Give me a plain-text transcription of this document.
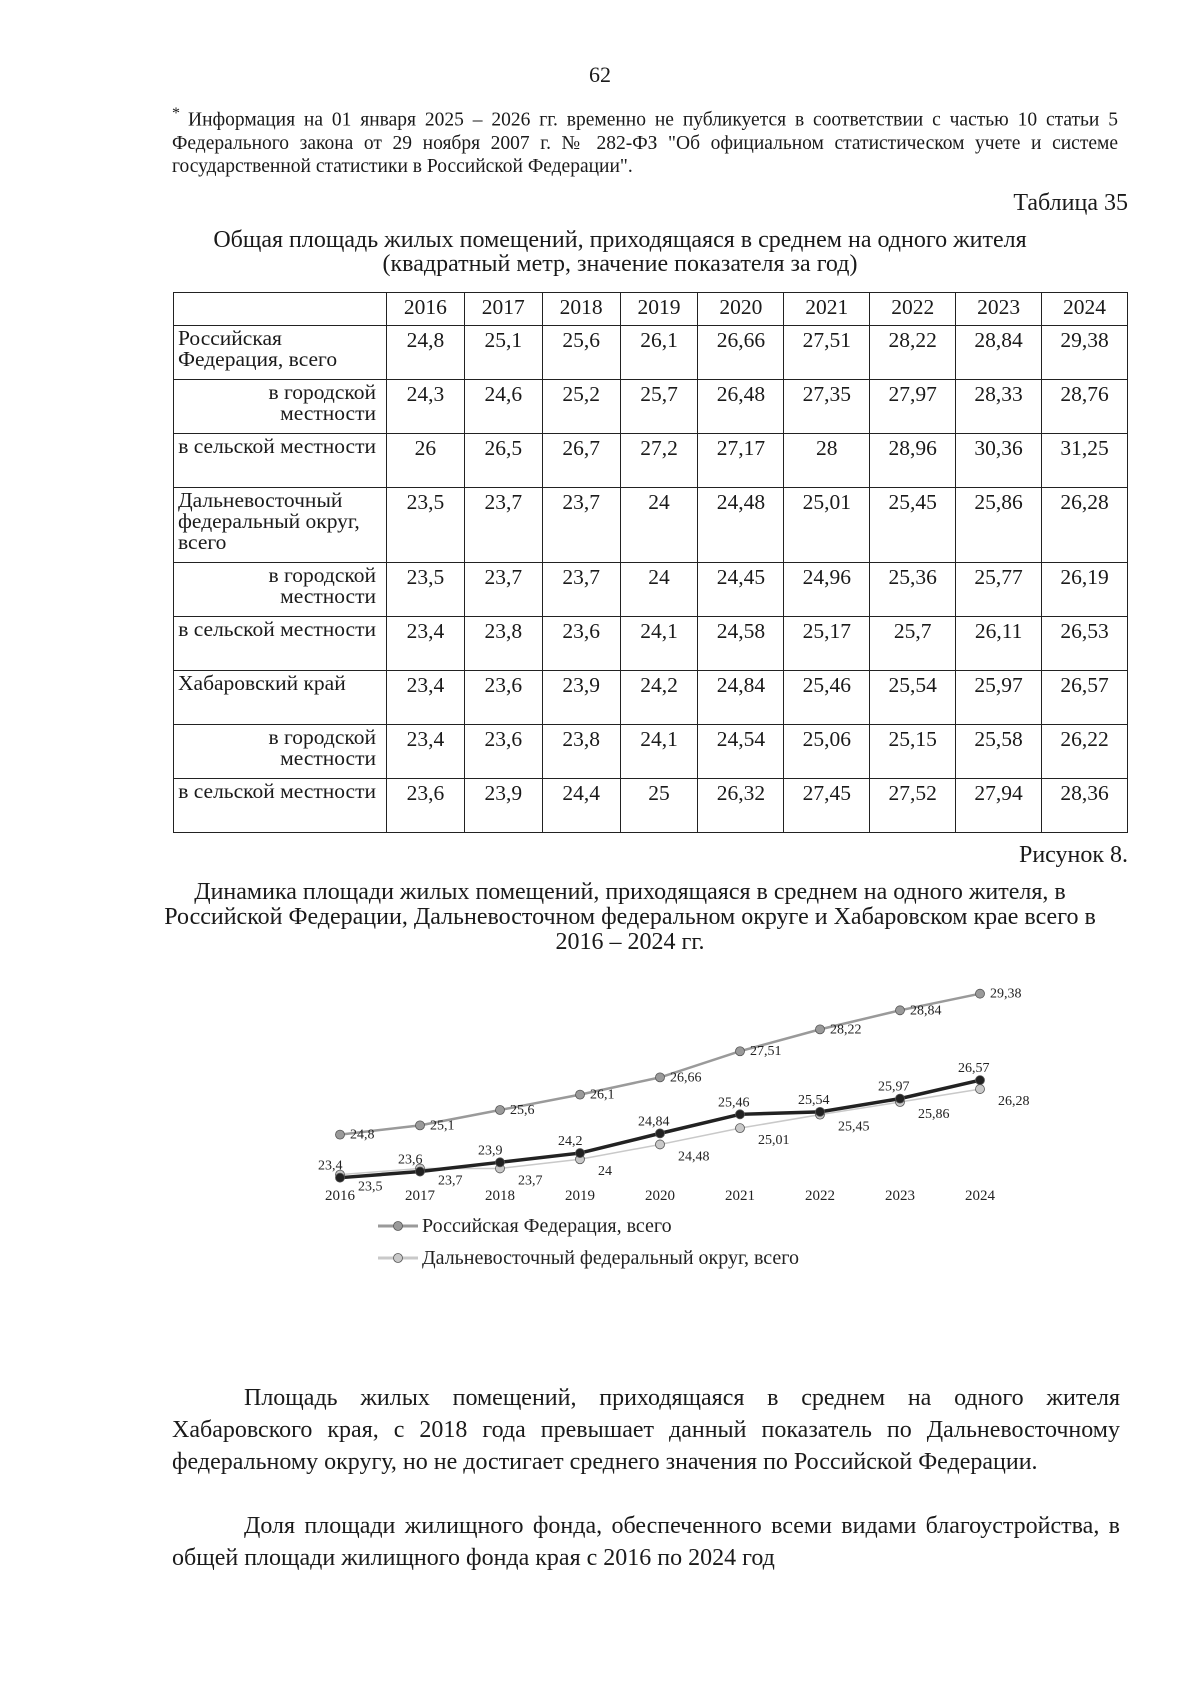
62

* Информация на 01 января 2025 – 2026 гг. временно не публикуется в соответствии с частью 10 статьи 5 Федерального закона от 29 ноября 2007 г. № 282-ФЗ "Об официальном статистическом учете и системе государственной статистики в Российской Федерации".

Таблица 35
Общая площадь жилых помещений, приходящаяся в среднем на одного жителя (квадратный метр, значение показателя за год)
	2016	2017	2018	2019	2020	2021	2022	2023	2024
Российская Федерация, всего	24,8	25,1	25,6	26,1	26,66	27,51	28,22	28,84	29,38
в городской местности	24,3	24,6	25,2	25,7	26,48	27,35	27,97	28,33	28,76
в сельской местности	26	26,5	26,7	27,2	27,17	28	28,96	30,36	31,25
Дальневосточный федеральный округ, всего	23,5	23,7	23,7	24	24,48	25,01	25,45	25,86	26,28
в городской местности	23,5	23,7	23,7	24	24,45	24,96	25,36	25,77	26,19
в сельской местности	23,4	23,8	23,6	24,1	24,58	25,17	25,7	26,11	26,53
Хабаровский край	23,4	23,6	23,9	24,2	24,84	25,46	25,54	25,97	26,57
в городской местности	23,4	23,6	23,8	24,1	24,54	25,06	25,15	25,58	26,22
в сельской местности	23,6	23,9	24,4	25	26,32	27,45	27,52	27,94	28,36
Рисунок 8.
Динамика площади жилых помещений, приходящаяся в среднем на одного жителя, в Российской Федерации, Дальневосточном федеральном округе и Хабаровском крае всего в 2016 – 2024 гг.
24,8
25,1
25,6
26,1
26,66
27,51
28,22
28,84
29,38
23,5	23,7	23,7
24
24,48
25,01
25,45
25,86
26,28
23,4	23,6
23,9
24,2
24,84
25,46	25,54
25,97
26,57
2016	2017	2018	2019	2020	2021	2022	2023	2024
Российская Федерация, всего
Дальневосточный федеральный округ, всего

Площадь жилых помещений, приходящаяся в среднем на одного жителя Хабаровского края, с 2018 года превышает данный показатель по Дальневосточному федеральному округу, но не достигает среднего значения по Российской Федерации.

Доля площади жилищного фонда, обеспеченного всеми видами благоустройства, в общей площади жилищного фонда края с 2016 по 2024 год
